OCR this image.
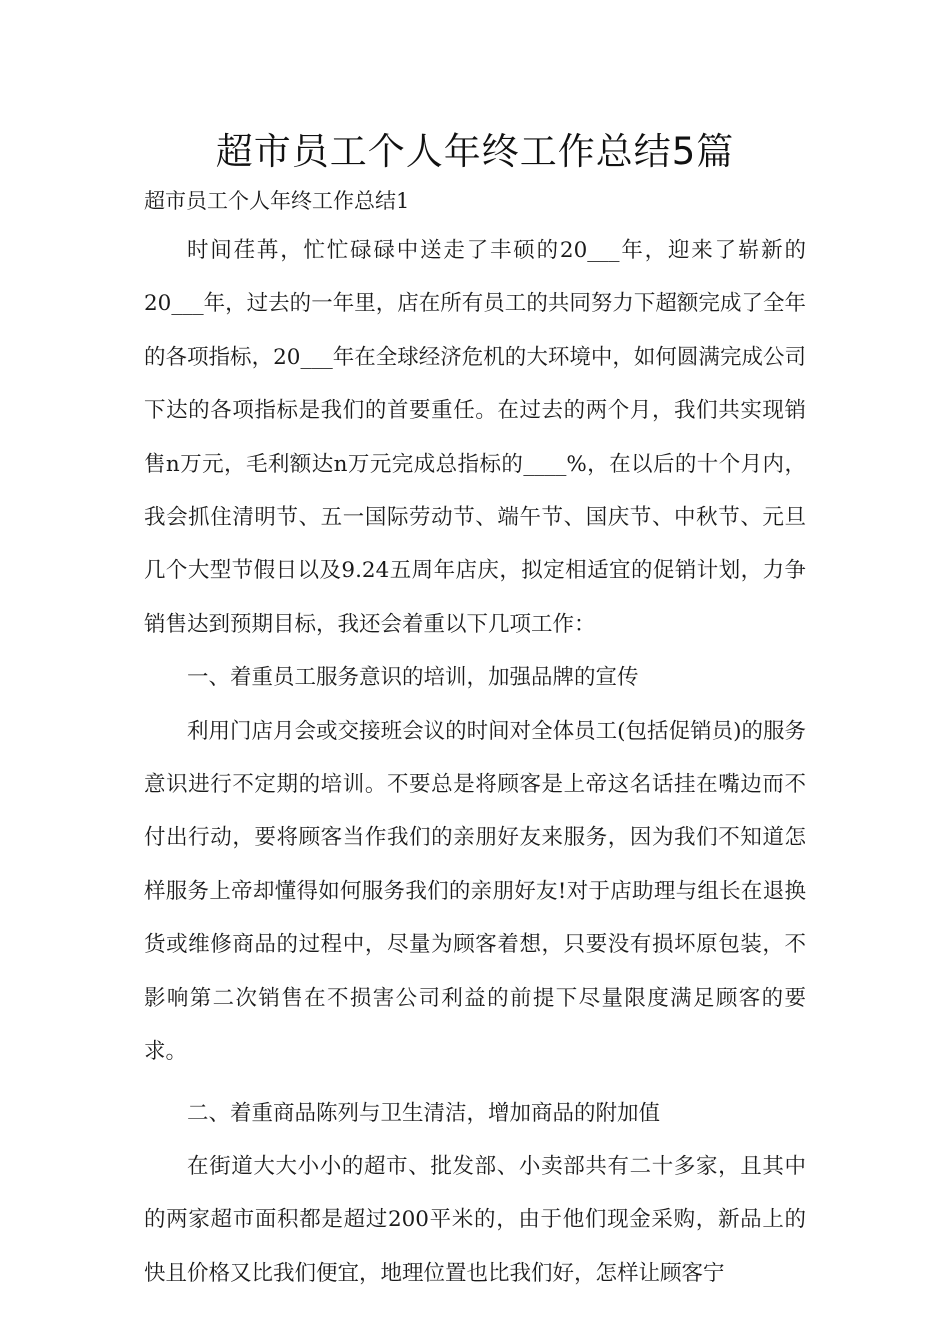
超市员工个人年终工作总结5篇

超市员工个人年终工作总结1

时间荏苒，忙忙碌碌中送走了丰硕的20___年，迎来了崭新的20___年，过去的一年里，店在所有员工的共同努力下超额完成了全年的各项指标，20___年在全球经济危机的大环境中，如何圆满完成公司下达的各项指标是我们的首要重任。在过去的两个月，我们共实现销售n万元，毛利额达n万元完成总指标的____%，在以后的十个月内，我会抓住清明节、五一国际劳动节、端午节、国庆节、中秋节、元旦几个大型节假日以及9.24五周年店庆，拟定相适宜的促销计划，力争销售达到预期目标，我还会着重以下几项工作：

一、着重员工服务意识的培训，加强品牌的宣传

利用门店月会或交接班会议的时间对全体员工(包括促销员)的服务意识进行不定期的培训。不要总是将顾客是上帝这名话挂在嘴边而不付出行动，要将顾客当作我们的亲朋好友来服务，因为我们不知道怎样服务上帝却懂得如何服务我们的亲朋好友!对于店助理与组长在退换货或维修商品的过程中，尽量为顾客着想，只要没有损坏原包装，不影响第二次销售在不损害公司利益的前提下尽量限度满足顾客的要求。

二、着重商品陈列与卫生清洁，增加商品的附加值

在街道大大小小的超市、批发部、小卖部共有二十多家，且其中的两家超市面积都是超过200平米的，由于他们现金采购，新品上的快且价格又比我们便宜，地理位置也比我们好，怎样让顾客宁
